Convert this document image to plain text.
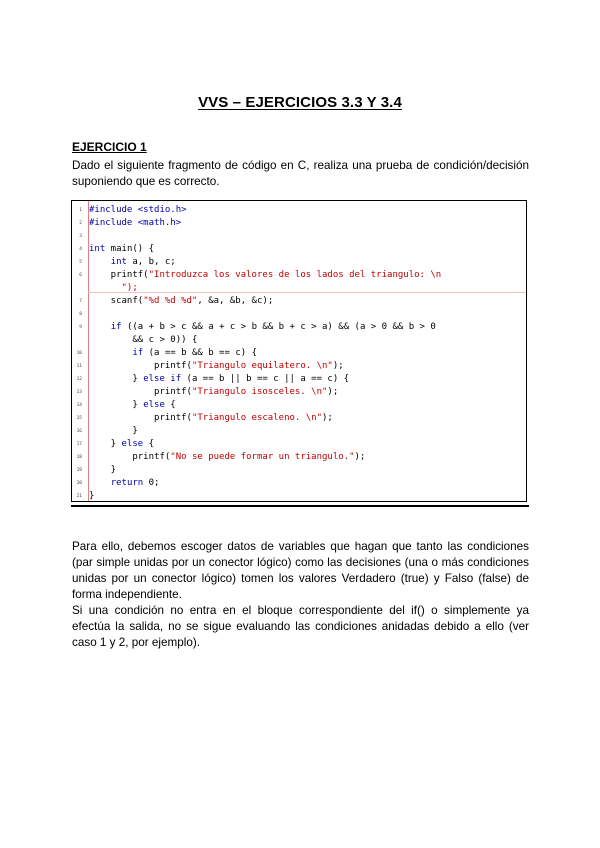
VVS – EJERCICIOS 3.3 Y 3.4
EJERCICIO 1

Dado el siguiente fragmento de código en C, realiza una prueba de condición/decisión suponiendo que es correcto.

1 #include <stdio.h>
2 #include <math.h>
3
4 int main() {
5	int a, b, c;
6 printf("Introduzca los valores de los lados del triangulo: \n
");
7 scanf("%d %d %d", &a, &b, &c);
8
9	if ((a + b > c && a + c > b && b + c > a) && (a > 0 && b > 0
&& c > 0)) {
10	if (a == b && b == c) {
11 printf("Triangulo equilatero. \n");
12 } else if (a == b || b == c || a == c) {
13 printf("Triangulo isosceles. \n");
14 } else {
15 printf("Triangulo escaleno. \n");
16 }
17 } else {
18 printf("No se puede formar un triangulo.");
19 }
20	return 0;
21 }

Para ello, debemos escoger datos de variables que hagan que tanto las condiciones (par simple unidas por un conector lógico) como las decisiones (una o más condiciones unidas por un conector lógico) tomen los valores Verdadero (true) y Falso (false) de forma independiente.

Si una condición no entra en el bloque correspondiente del if() o simplemente ya efectúa la salida, no se sigue evaluando las condiciones anidadas debido a ello (ver caso 1 y 2, por ejemplo).
